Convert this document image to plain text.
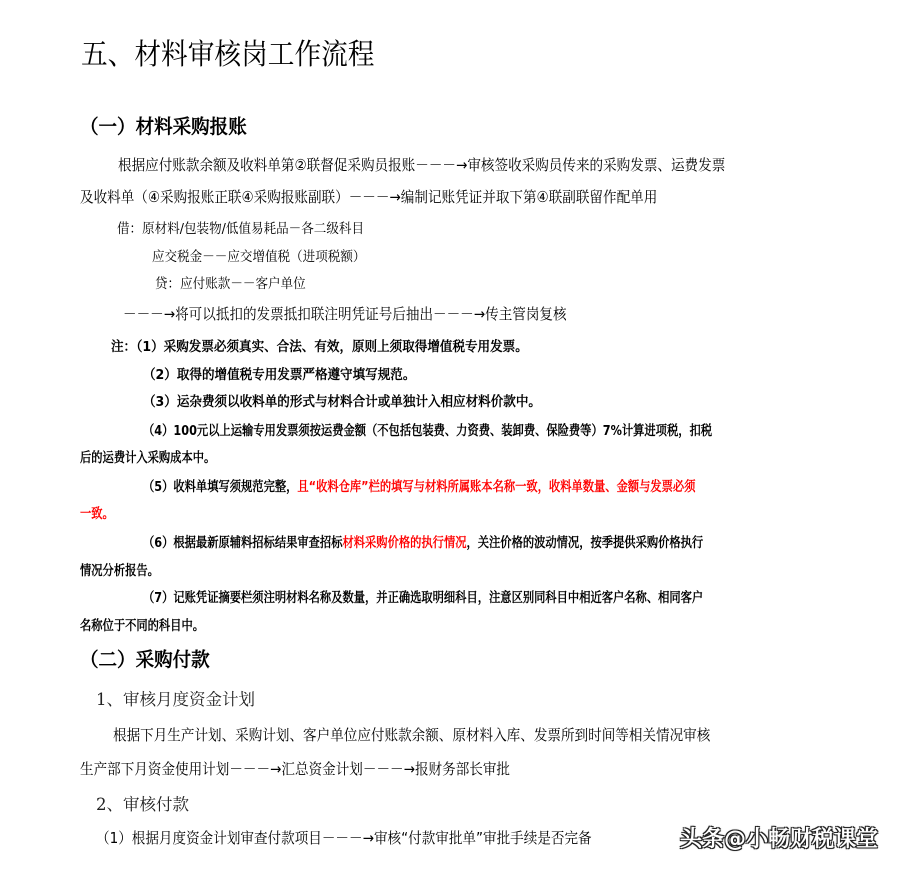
五、材料审核岗工作流程
（一）材料采购报账
根据应付账款余额及收料单第②联督促采购员报账－－－→审核签收采购员传来的采购发票、运费发票
及收料单（④采购报账正联④采购报账副联）－－－→编制记账凭证并取下第④联副联留作配单用
借：原材料/包装物/低值易耗品－各二级科目
应交税金－－应交增值税（进项税额）
贷：应付账款－－客户单位
－－－→将可以抵扣的发票抵扣联注明凭证号后抽出－－－→传主管岗复核
注：（1）采购发票必须真实、合法、有效，原则上须取得增值税专用发票。
（2）取得的增值税专用发票严格遵守填写规范。
（3）运杂费须以收料单的形式与材料合计或单独计入相应材料价款中。
（4）100元以上运输专用发票须按运费金额（不包括包装费、力资费、装卸费、保险费等）7%计算进项税，扣税
后的运费计入采购成本中。
（5）收料单填写须规范完整，且“收料仓库”栏的填写与材料所属账本名称一致，收料单数量、金额与发票必须
一致。
（6）根据最新原辅料招标结果审查招标材料采购价格的执行情况，关注价格的波动情况，按季提供采购价格执行
情况分析报告。
（7）记账凭证摘要栏须注明材料名称及数量，并正确选取明细科目，注意区别同科目中相近客户名称、相同客户
名称位于不同的科目中。
（二）采购付款
1、审核月度资金计划
根据下月生产计划、采购计划、客户单位应付账款余额、原材料入库、发票所到时间等相关情况审核
生产部下月资金使用计划－－－→汇总资金计划－－－→报财务部长审批
2、审核付款
（1）根据月度资金计划审查付款项目－－－→审核“付款审批单”审批手续是否完备	头条@小畅财税课堂
